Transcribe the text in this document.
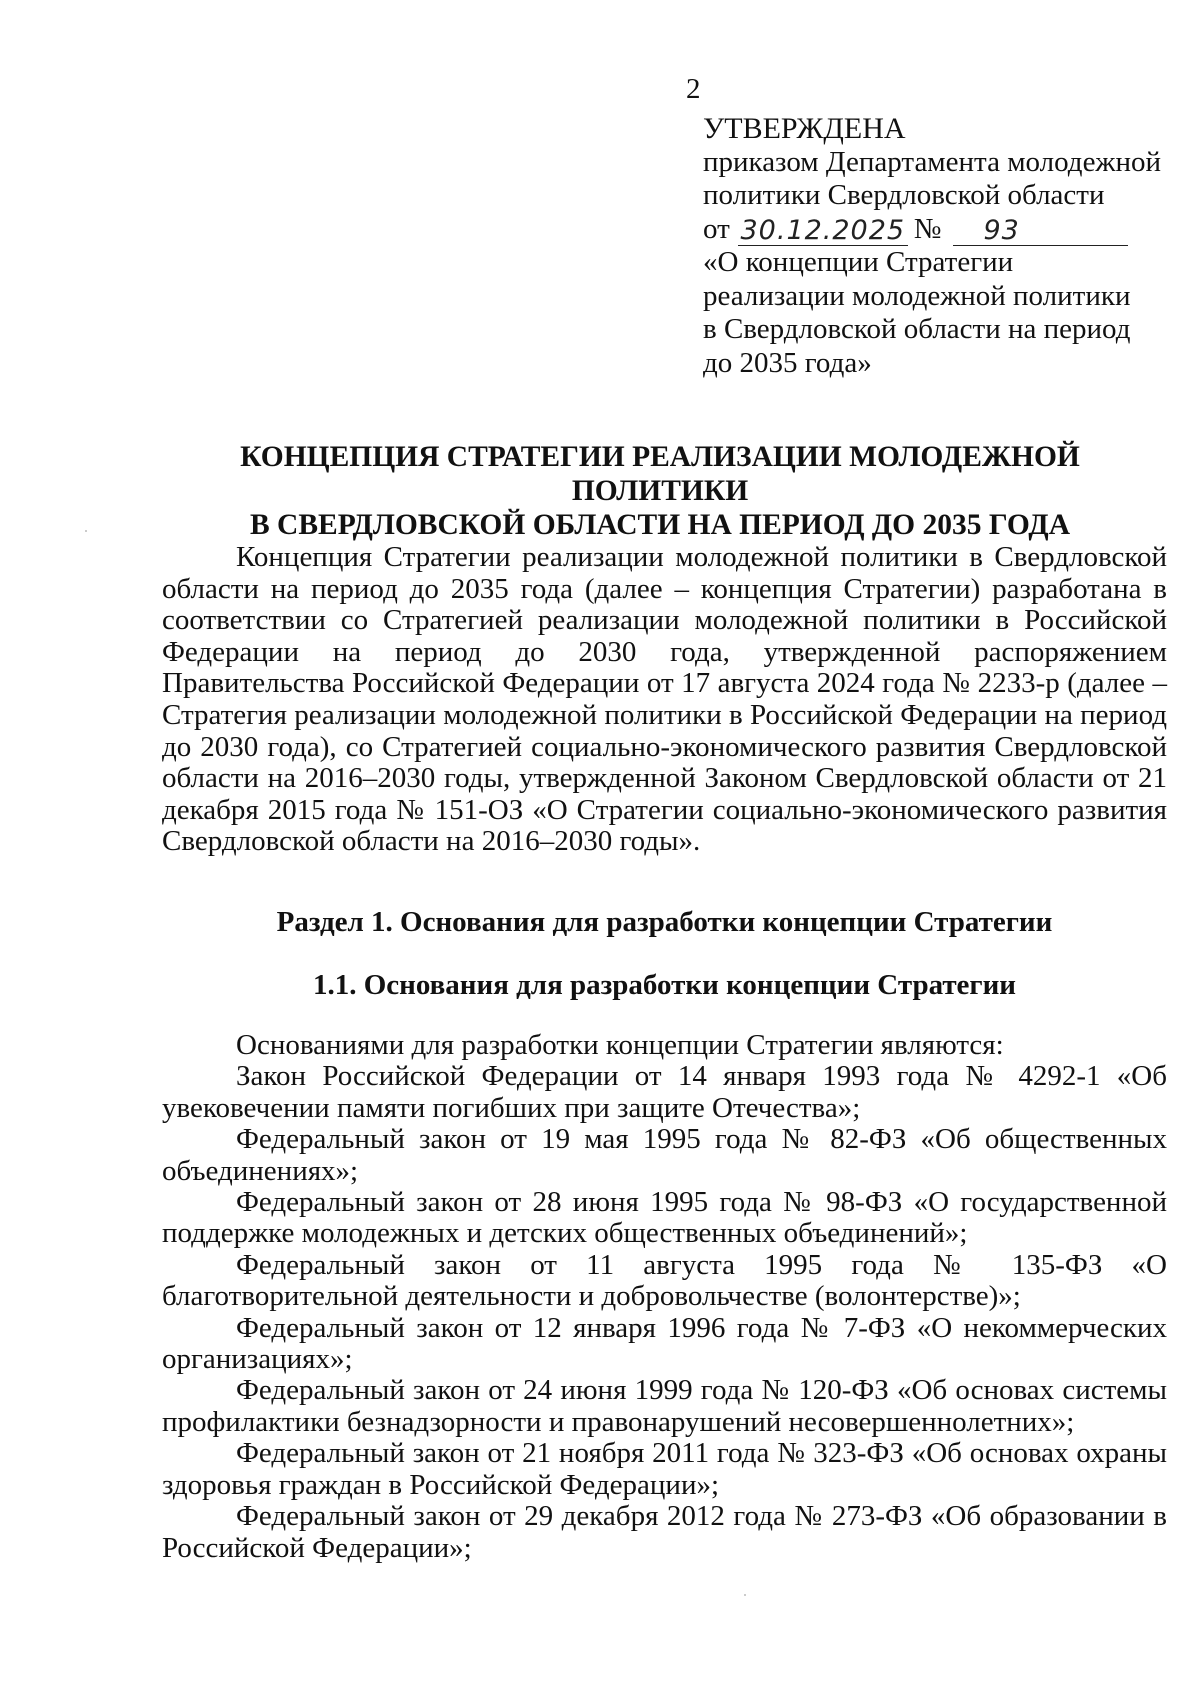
2
УТВЕРЖДЕНА
приказом Департамента молодежной
политики Свердловской области
от 30.12.2025 №	93
«О концепции Стратегии
реализации молодежной политики
в Свердловской области на период
до 2035 года»
КОНЦЕПЦИЯ СТРАТЕГИИ РЕАЛИЗАЦИИ МОЛОДЕЖНОЙ ПОЛИТИКИ
В СВЕРДЛОВСКОЙ ОБЛАСТИ НА ПЕРИОД ДО 2035 ГОДА

Концепция Стратегии реализации молодежной политики в Свердловской области на период до 2035 года (далее – концепция Стратегии) разработана в соответствии со Стратегией реализации молодежной политики в Российской Федерации на период до 2030 года, утвержденной распоряжением Правительства Российской Федерации от 17 августа 2024 года № 2233-р (далее – Стратегия реализации молодежной политики в Российской Федерации на период до 2030 года), со Стратегией социально-экономического развития Свердловской области на 2016–2030 годы, утвержденной Законом Свердловской области от 21 декабря 2015 года № 151-ОЗ «О Стратегии социально-экономического развития Свердловской области на 2016–2030 годы».

Раздел 1. Основания для разработки концепции Стратегии
1.1. Основания для разработки концепции Стратегии

Основаниями для разработки концепции Стратегии являются:

Закон Российской Федерации от 14 января 1993 года № 4292-1 «Об увековечении памяти погибших при защите Отечества»;

Федеральный закон от 19 мая 1995 года № 82-ФЗ «Об общественных объединениях»;

Федеральный закон от 28 июня 1995 года № 98-ФЗ «О государственной поддержке молодежных и детских общественных объединений»;

Федеральный закон от 11 августа 1995 года № 135-ФЗ «О благотворительной деятельности и добровольчестве (волонтерстве)»;

Федеральный закон от 12 января 1996 года № 7-ФЗ «О некоммерческих организациях»;

Федеральный закон от 24 июня 1999 года № 120-ФЗ «Об основах системы профилактики безнадзорности и правонарушений несовершеннолетних»;

Федеральный закон от 21 ноября 2011 года № 323-ФЗ «Об основах охраны здоровья граждан в Российской Федерации»;

Федеральный закон от 29 декабря 2012 года № 273-ФЗ «Об образовании в Российской Федерации»;
